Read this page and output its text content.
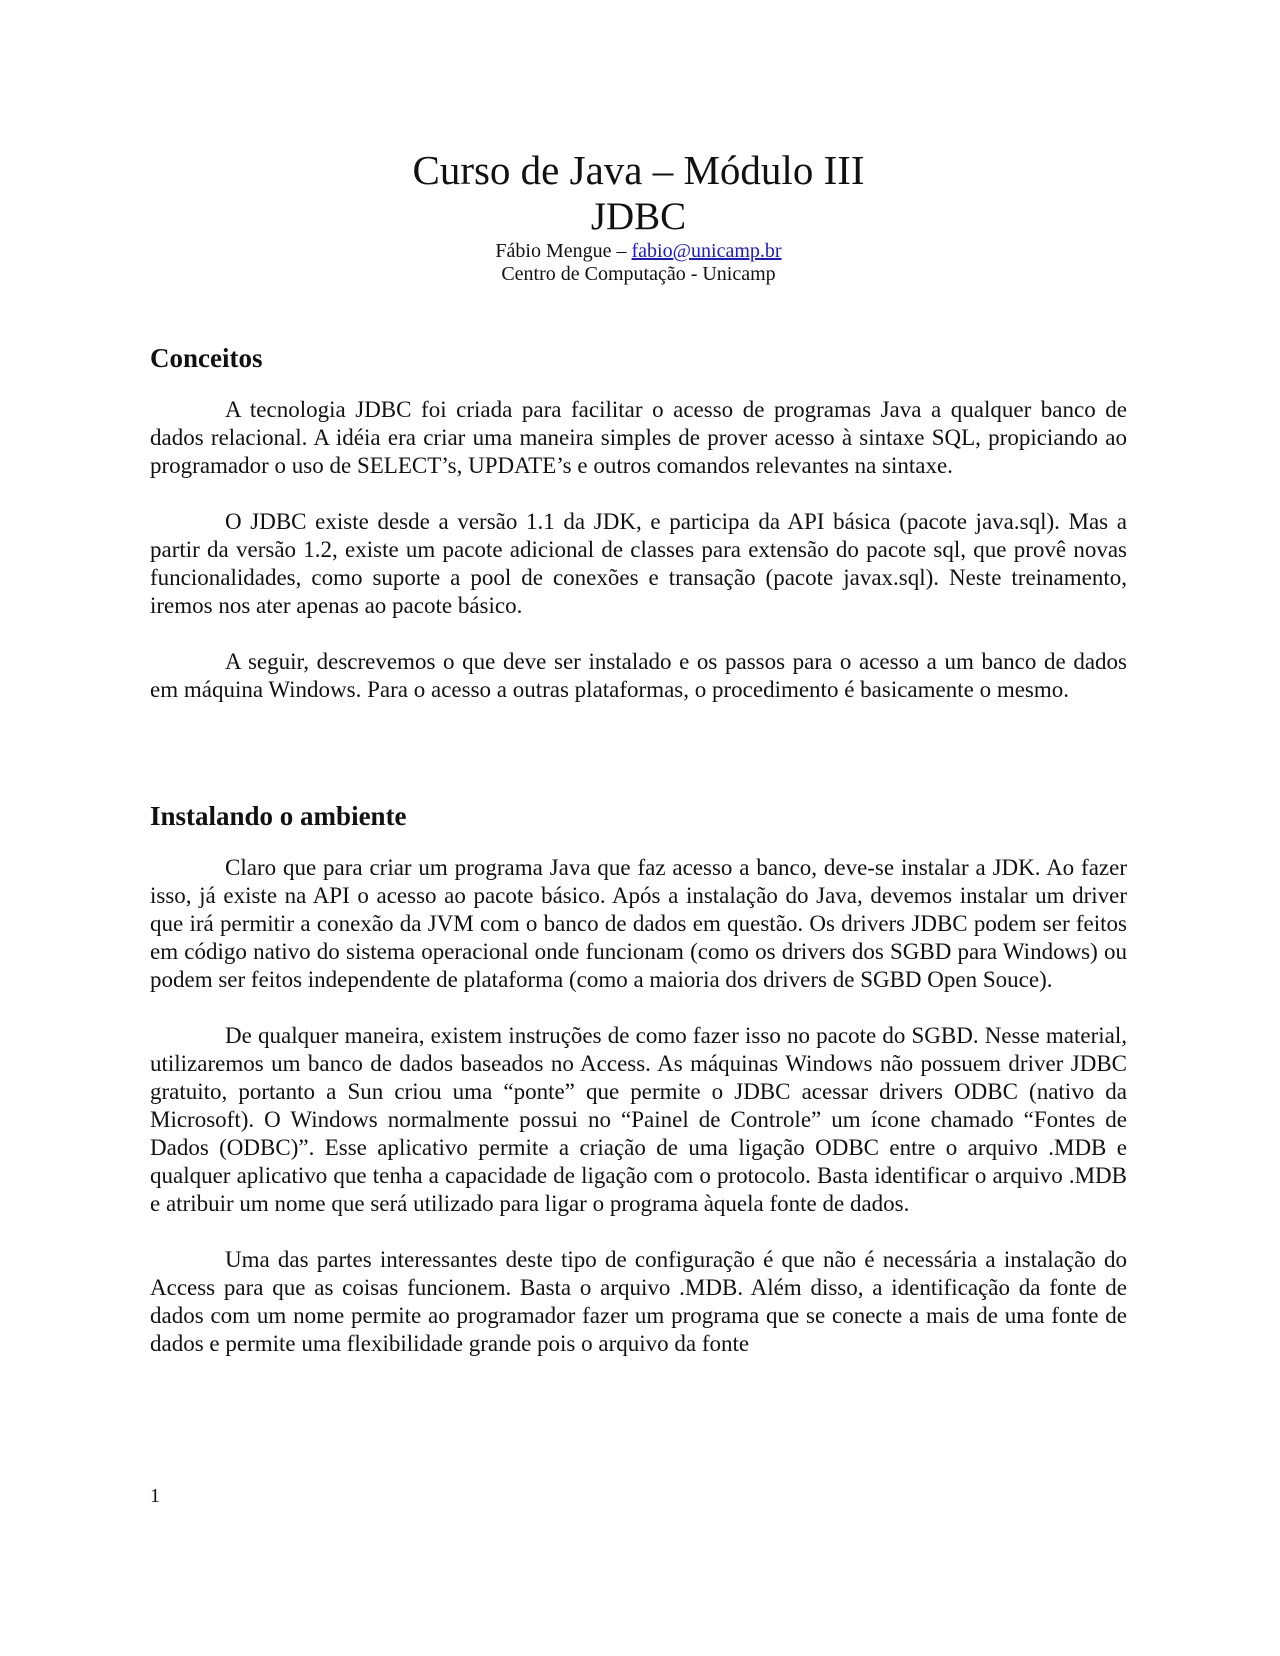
Curso de Java – Módulo III
JDBC

Fábio Mengue – fabio@unicamp.br

Centro de Computação - Unicamp

Conceitos

A tecnologia JDBC foi criada para facilitar o acesso de programas Java a qualquer banco de dados relacional. A idéia era criar uma maneira simples de prover acesso à sintaxe SQL, propiciando ao programador o uso de SELECT’s, UPDATE’s e outros comandos relevantes na sintaxe.

O JDBC existe desde a versão 1.1 da JDK, e participa da API básica (pacote java.sql). Mas a partir da versão 1.2, existe um pacote adicional de classes para extensão do pacote sql, que provê novas funcionalidades, como suporte a pool de conexões e transação (pacote javax.sql). Neste treinamento, iremos nos ater apenas ao pacote básico.

A seguir, descrevemos o que deve ser instalado e os passos para o acesso a um banco de dados em máquina Windows. Para o acesso a outras plataformas, o procedimento é basicamente o mesmo.

Instalando o ambiente

Claro que para criar um programa Java que faz acesso a banco, deve-se instalar a JDK. Ao fazer isso, já existe na API o acesso ao pacote básico. Após a instalação do Java, devemos instalar um driver que irá permitir a conexão da JVM com o banco de dados em questão. Os drivers JDBC podem ser feitos em código nativo do sistema operacional onde funcionam (como os drivers dos SGBD para Windows) ou podem ser feitos independente de plataforma (como a maioria dos drivers de SGBD Open Souce).

De qualquer maneira, existem instruções de como fazer isso no pacote do SGBD. Nesse material, utilizaremos um banco de dados baseados no Access. As máquinas Windows não possuem driver JDBC gratuito, portanto a Sun criou uma “ponte” que permite o JDBC acessar drivers ODBC (nativo da Microsoft). O Windows normalmente possui no “Painel de Controle” um ícone chamado “Fontes de Dados (ODBC)”. Esse aplicativo permite a criação de uma ligação ODBC entre o arquivo .MDB e qualquer aplicativo que tenha a capacidade de ligação com o protocolo. Basta identificar o arquivo .MDB e atribuir um nome que será utilizado para ligar o programa àquela fonte de dados.

Uma das partes interessantes deste tipo de configuração é que não é necessária a instalação do Access para que as coisas funcionem. Basta o arquivo .MDB. Além disso, a identificação da fonte de dados com um nome permite ao programador fazer um programa que se conecte a mais de uma fonte de dados e permite uma flexibilidade grande pois o arquivo da fonte

1
